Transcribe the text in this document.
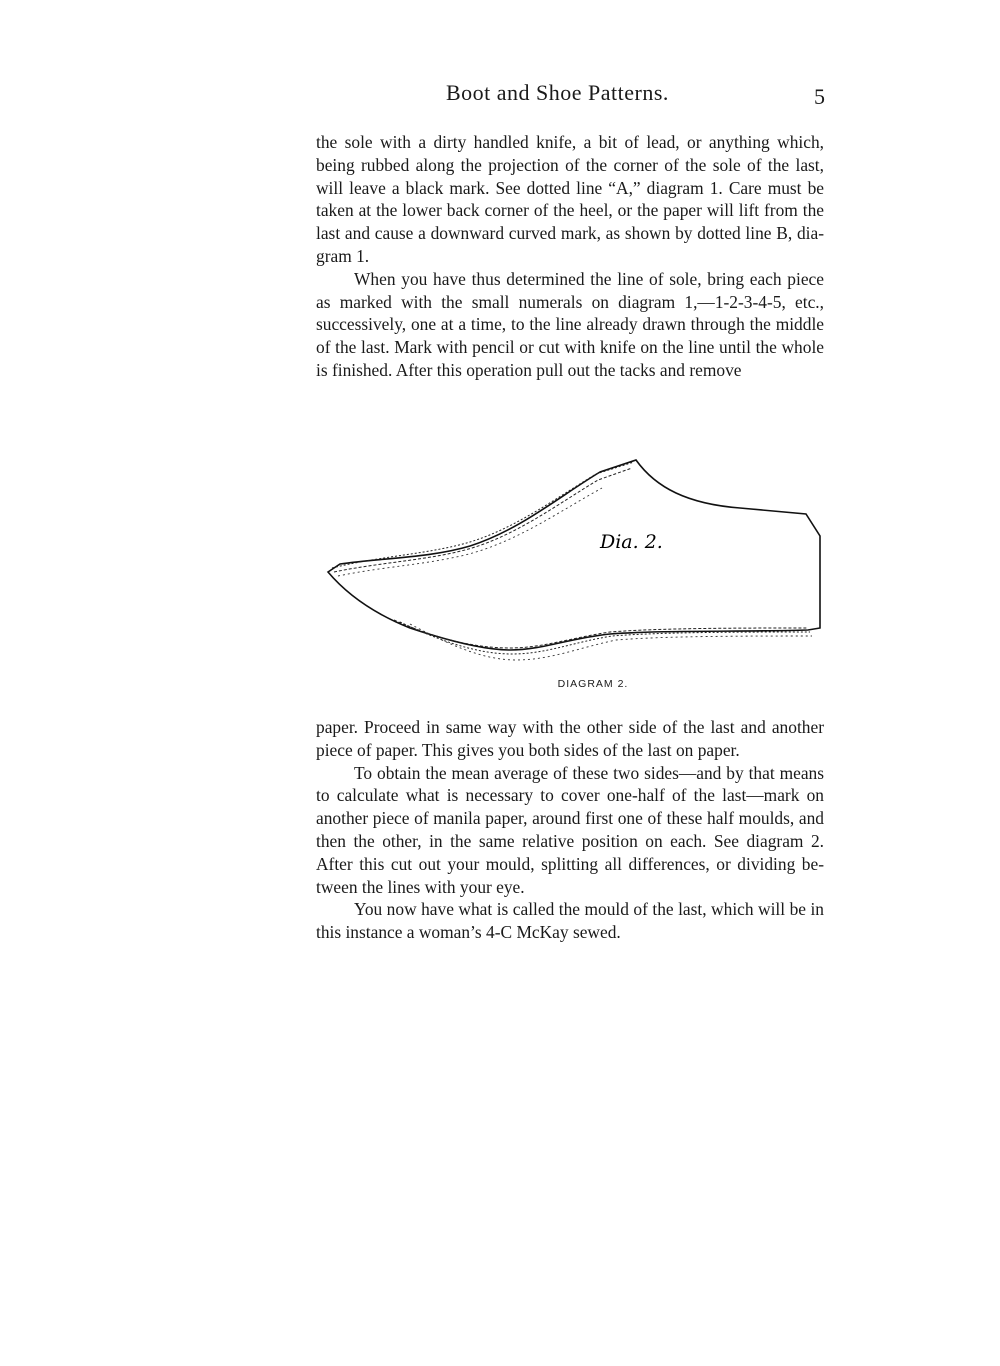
Boot and Shoe Patterns.	5

the sole with a dirty handled knife, a bit of lead, or anything which, being rubbed along the projection of the corner of the sole of the last, will leave a black mark. See dotted line “A,” diagram 1. Care must be taken at the lower back corner of the heel, or the paper will lift from the last and cause a downward curved mark, as shown by dotted line B, diagram 1.

When you have thus determined the line of sole, bring each piece as marked with the small numerals on diagram 1,—1-2-3-4-5, etc., successively, one at a time, to the line already drawn through the middle of the last. Mark with pencil or cut with knife on the line until the whole is finished. After this operation pull out the tacks and remove

Dia. 2.
DIAGRAM 2.

paper. Proceed in same way with the other side of the last and another piece of paper. This gives you both sides of the last on paper.

To obtain the mean average of these two sides—and by that means to calculate what is necessary to cover one-half of the last—mark on another piece of manila paper, around first one of these half moulds, and then the other, in the same relative position on each. See diagram 2. After this cut out your mould, splitting all differences, or dividing between the lines with your eye.

You now have what is called the mould of the last, which will be in this instance a woman’s 4-C McKay sewed.
